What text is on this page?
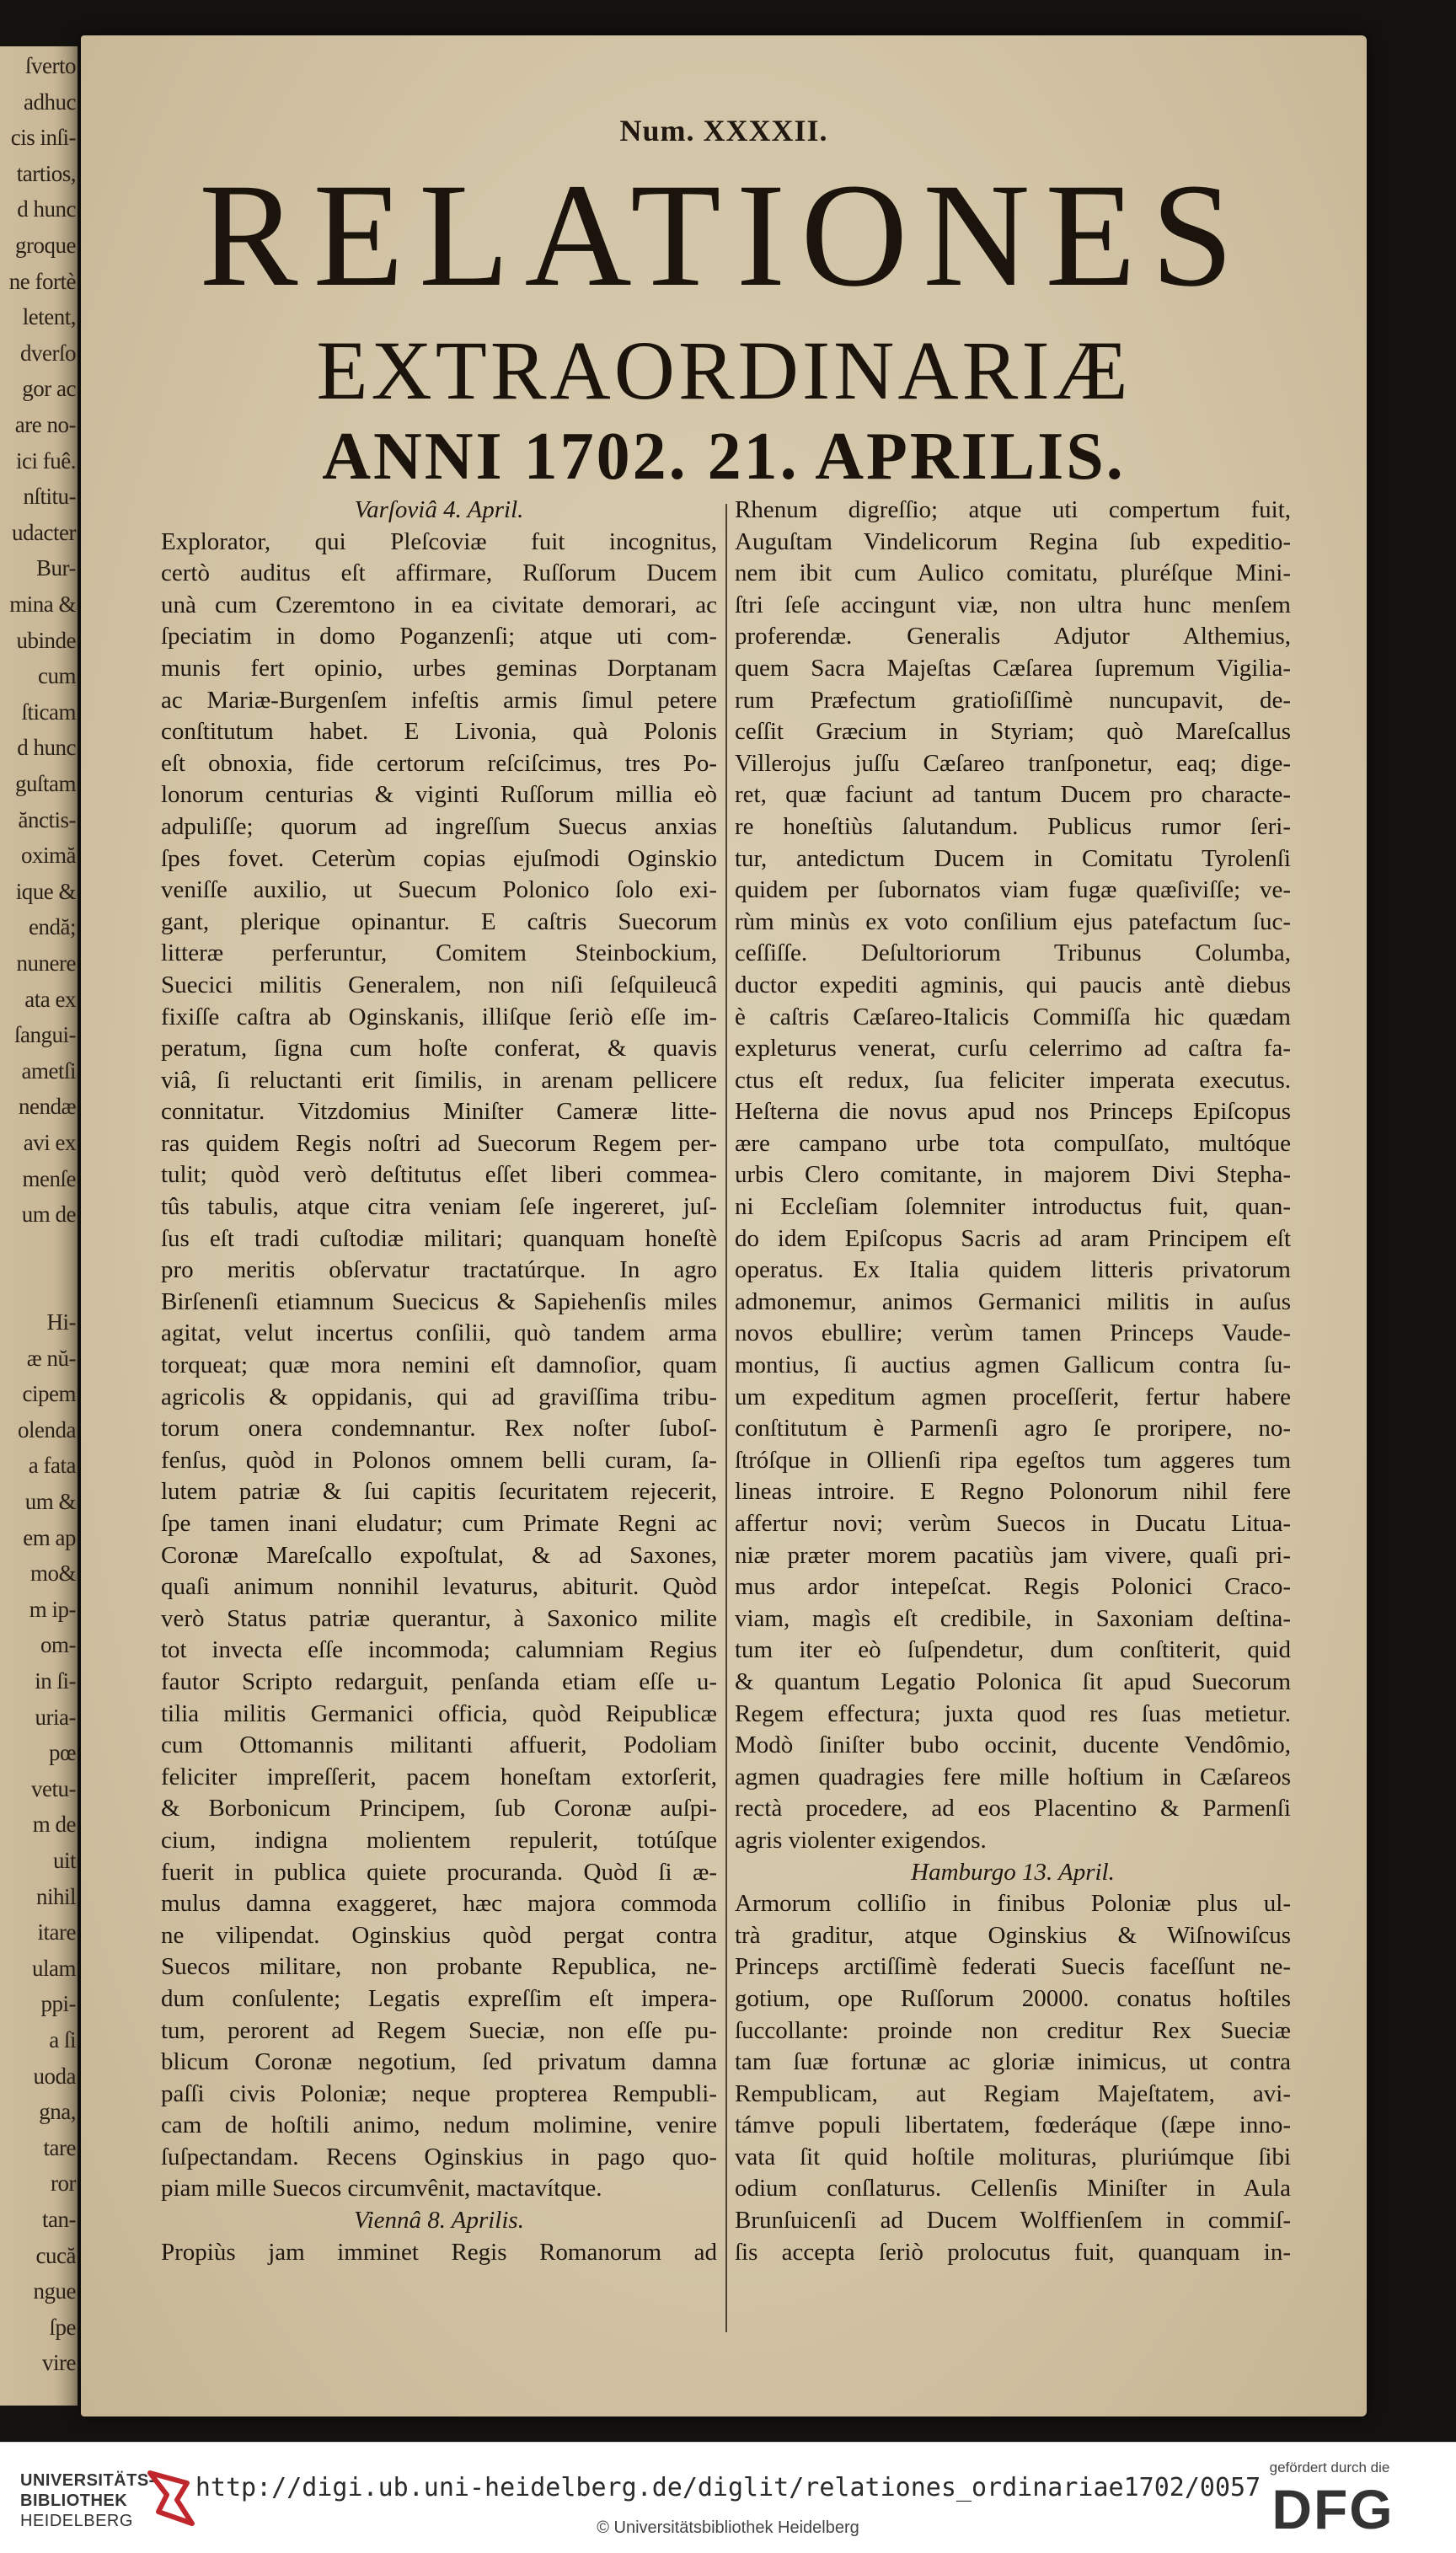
ſverto
adhuc
cis inſi-
tartios,
d hunc
groque
ne fortè
letent,
dverſo
gor ac
are no-
ici fuê.
nſtitu-
udacter
Bur-
mina &
ubinde
cum
ſticam
d hunc
guſtam
ănctis-
oximă
ique &
endă;
nunere
ata ex
ſangui-
ametſi
nendæ
avi ex
menſe
um de
Hi-
æ nŭ-
cipem
olenda
a fata
um &
em ap
mo&
m ip-
om-
in ſi-
uria-
pœ
vetu-
m de
uit
nihil
itare
ulam
ppi-
a ſi
uoda
gna,
tare
ror
tan-
cucă
ngue
ſpe
vire
Num. XXXXII.
RELATIONES
EXTRAORDINARIÆ
ANNI 1702. 21. APRILIS.
Varſoviâ 4. April.
Explorator, qui Pleſcoviæ fuit incognitus,
certò auditus eſt affirmare, Ruſſorum Ducem
unà cum Czeremtono in ea civitate demorari, ac
ſpeciatim in domo Poganzenſi; atque uti com-
munis fert opinio, urbes geminas Dorptanam
ac Mariæ-Burgenſem infeſtis armis ſimul petere
conſtitutum habet. E Livonia, quà Polonis
eſt obnoxia, fide certorum reſciſcimus, tres Po-
lonorum centurias & viginti Ruſſorum millia eò
adpuliſſe; quorum ad ingreſſum Suecus anxias
ſpes fovet. Ceterùm copias ejuſmodi Oginskio
veniſſe auxilio, ut Suecum Polonico ſolo exi-
gant, plerique opinantur. E caſtris Suecorum
litteræ perferuntur, Comitem Steinbockium,
Suecici militis Generalem, non niſi ſeſquileucâ
fixiſſe caſtra ab Oginskanis, illiſque ſeriò eſſe im-
peratum, ſigna cum hoſte conferat, & quavis
viâ, ſi reluctanti erit ſimilis, in arenam pellicere
connitatur. Vitzdomius Miniſter Cameræ litte-
ras quidem Regis noſtri ad Suecorum Regem per-
tulit; quòd verò deſtitutus eſſet liberi commea-
tûs tabulis, atque citra veniam ſeſe ingereret, juſ-
ſus eſt tradi cuſtodiæ militari; quanquam honeſtè
pro meritis obſervatur tractatúrque. In agro
Birſenenſi etiamnum Suecicus & Sapiehenſis miles
agitat, velut incertus conſilii, quò tandem arma
torqueat; quæ mora nemini eſt damnoſior, quam
agricolis & oppidanis, qui ad graviſſima tribu-
torum onera condemnantur. Rex noſter ſuboſ-
fenſus, quòd in Polonos omnem belli curam, ſa-
lutem patriæ & ſui capitis ſecuritatem rejecerit,
ſpe tamen inani eludatur; cum Primate Regni ac
Coronæ Mareſcallo expoſtulat, & ad Saxones,
quaſi animum nonnihil levaturus, abiturit. Quòd
verò Status patriæ querantur, à Saxonico milite
tot invecta eſſe incommoda; calumniam Regius
fautor Scripto redarguit, penſanda etiam eſſe u-
tilia militis Germanici officia, quòd Reipublicæ
cum Ottomannis militanti affuerit, Podoliam
feliciter impreſſerit, pacem honeſtam extorſerit,
& Borbonicum Principem, ſub Coronæ auſpi-
cium, indigna molientem repulerit, totúſque
fuerit in publica quiete procuranda. Quòd ſi æ-
mulus damna exaggeret, hæc majora commoda
ne vilipendat. Oginskius quòd pergat contra
Suecos militare, non probante Republica, ne-
dum conſulente; Legatis expreſſim eſt impera-
tum, perorent ad Regem Sueciæ, non eſſe pu-
blicum Coronæ negotium, ſed privatum damna
paſſi civis Poloniæ; neque propterea Rempubli-
cam de hoſtili animo, nedum molimine, venire
ſuſpectandam. Recens Oginskius in pago quo-
piam mille Suecos circumvênit, mactavítque.
Viennâ 8. Aprilis.
Propiùs jam imminet Regis Romanorum ad
Rhenum digreſſio; atque uti compertum fuit,
Auguſtam Vindelicorum Regina ſub expeditio-
nem ibit cum Aulico comitatu, pluréſque Mini-
ſtri ſeſe accingunt viæ, non ultra hunc menſem
proferendæ. Generalis Adjutor Althemius,
quem Sacra Majeſtas Cæſarea ſupremum Vigilia-
rum Præfectum gratioſiſſimè nuncupavit, de-
ceſſit Græcium in Styriam; quò Mareſcallus
Villerojus juſſu Cæſareo tranſponetur, eaq; dige-
ret, quæ faciunt ad tantum Ducem pro characte-
re honeſtiùs ſalutandum. Publicus rumor ſeri-
tur, antedictum Ducem in Comitatu Tyrolenſi
quidem per ſubornatos viam fugæ quæſiviſſe; ve-
rùm minùs ex voto conſilium ejus patefactum ſuc-
ceſſiſſe. Deſultoriorum Tribunus Columba,
ductor expediti agminis, qui paucis antè diebus
è caſtris Cæſareo-Italicis Commiſſa hic quædam
expleturus venerat, curſu celerrimo ad caſtra fa-
ctus eſt redux, ſua feliciter imperata executus.
Heſterna die novus apud nos Princeps Epiſcopus
ære campano urbe tota compulſato, multóque
urbis Clero comitante, in majorem Divi Stepha-
ni Eccleſiam ſolemniter introductus fuit, quan-
do idem Epiſcopus Sacris ad aram Principem eſt
operatus. Ex Italia quidem litteris privatorum
admonemur, animos Germanici militis in auſus
novos ebullire; verùm tamen Princeps Vaude-
montius, ſi auctius agmen Gallicum contra ſu-
um expeditum agmen proceſſerit, fertur habere
conſtitutum è Parmenſi agro ſe proripere, no-
ſtróſque in Ollienſi ripa egeſtos tum aggeres tum
lineas introire. E Regno Polonorum nihil fere
affertur novi; verùm Suecos in Ducatu Litua-
niæ præter morem pacatiùs jam vivere, quaſi pri-
mus ardor intepeſcat. Regis Polonici Craco-
viam, magìs eſt credibile, in Saxoniam deſtina-
tum iter eò ſuſpendetur, dum conſtiterit, quid
& quantum Legatio Polonica ſit apud Suecorum
Regem effectura; juxta quod res ſuas metietur.
Modò ſiniſter bubo occinit, ducente Vendômio,
agmen quadragies fere mille hoſtium in Cæſareos
rectà procedere, ad eos Placentino & Parmenſi
agris violenter exigendos.
Hamburgo 13. April.
Armorum colliſio in finibus Poloniæ plus ul-
trà graditur, atque Oginskius & Wiſnowiſcus
Princeps arctiſſimè federati Suecis faceſſunt ne-
gotium, ope Ruſſorum 20000. conatus hoſtiles
ſuccollante: proinde non creditur Rex Sueciæ
tam ſuæ fortunæ ac gloriæ inimicus, ut contra
Rempublicam, aut Regiam Majeſtatem, avi-
támve populi libertatem, fœderáque (ſæpe inno-
vata ſit quid hoſtile molituras, pluriúmque ſibi
odium conſlaturus. Cellenſis Miniſter in Aula
Brunſuicenſi ad Ducem Wolffienſem in commiſ-
ſis accepta ſeriò prolocutus fuit, quanquam in-
UNIVERSITÄTS-
BIBLIOTHEK
HEIDELBERG
http://digi.ub.uni-heidelberg.de/diglit/relationes_ordinariae1702/0057
© Universitätsbibliothek Heidelberg
gefördert durch die
DFG
